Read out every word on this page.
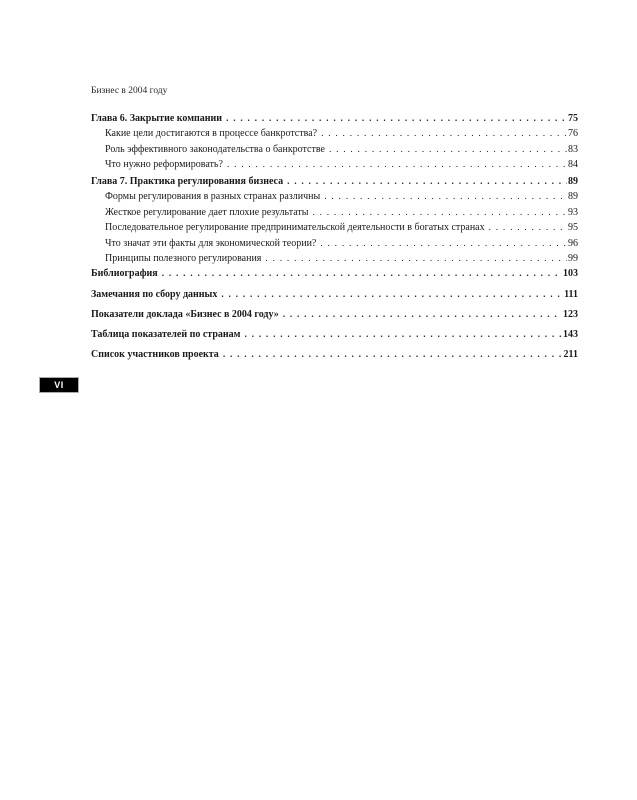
Бизнес в 2004 году
Глава 6. Закрытие компании . . .	75
Какие цели достигаются в процессе банкротства? . . .	76
Роль эффективного законодательства о банкротстве . . .	83
Что нужно реформировать? . . .	84
Глава 7. Практика регулирования бизнеса . . .	89
Формы регулирования в разных странах различны . . .	89
Жесткое регулирование дает плохие результаты . . .	93
Последовательное регулирование предпринимательской деятельности в богатых странах . . .	95
Что значат эти факты для экономической теории? . . .	96
Принципы полезного регулирования . . .	99
Библиография . . .	103
Замечания по сбору данных . . .	111
Показатели доклада «Бизнес в 2004 году» . . .	123
Таблица показателей по странам . . .	143
Список участников проекта . . .	211
VI
